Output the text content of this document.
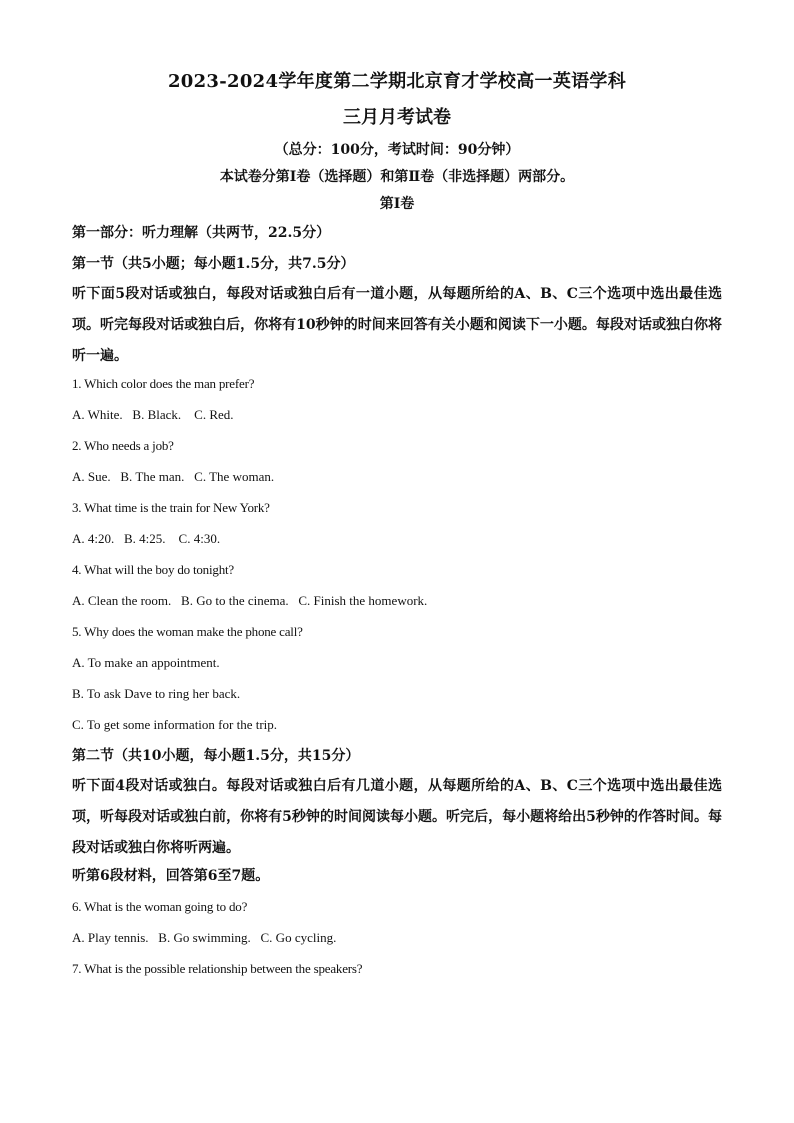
2023-2024学年度第二学期北京育才学校高一英语学科
三月月考试卷
（总分：100分，考试时间：90分钟）
本试卷分第Ⅰ卷（选择题）和第Ⅱ卷（非选择题）两部分。
第Ⅰ卷
第一部分：听力理解（共两节，22.5分）
第一节（共5小题；每小题1.5分，共7.5分）
听下面5段对话或独白，每段对话或独白后有一道小题，从每题所给的A、B、C三个选项中选出最佳选项。听完每段对话或独白后，你将有10秒钟的时间来回答有关小题和阅读下一小题。每段对话或独白你将听一遍。
1. Which color does the man prefer?
A. White.   B. Black.    C. Red.
2. Who needs a job?
A. Sue.   B. The man.   C. The woman.
3. What time is the train for New York?
A. 4:20.   B. 4:25.    C. 4:30.
4. What will the boy do tonight?
A. Clean the room.   B. Go to the cinema.   C. Finish the homework.
5. Why does the woman make the phone call?
A. To make an appointment.
B. To ask Dave to ring her back.
C. To get some information for the trip.
第二节（共10小题，每小题1.5分，共15分）
听下面4段对话或独白。每段对话或独白后有几道小题，从每题所给的A、B、C三个选项中选出最佳选项，听每段对话或独白前，你将有5秒钟的时间阅读每小题。听完后，每小题将给出5秒钟的作答时间。每段对话或独白你将听两遍。
听第6段材料，回答第6至7题。
6. What is the woman going to do?
A. Play tennis.   B. Go swimming.   C. Go cycling.
7. What is the possible relationship between the speakers?
